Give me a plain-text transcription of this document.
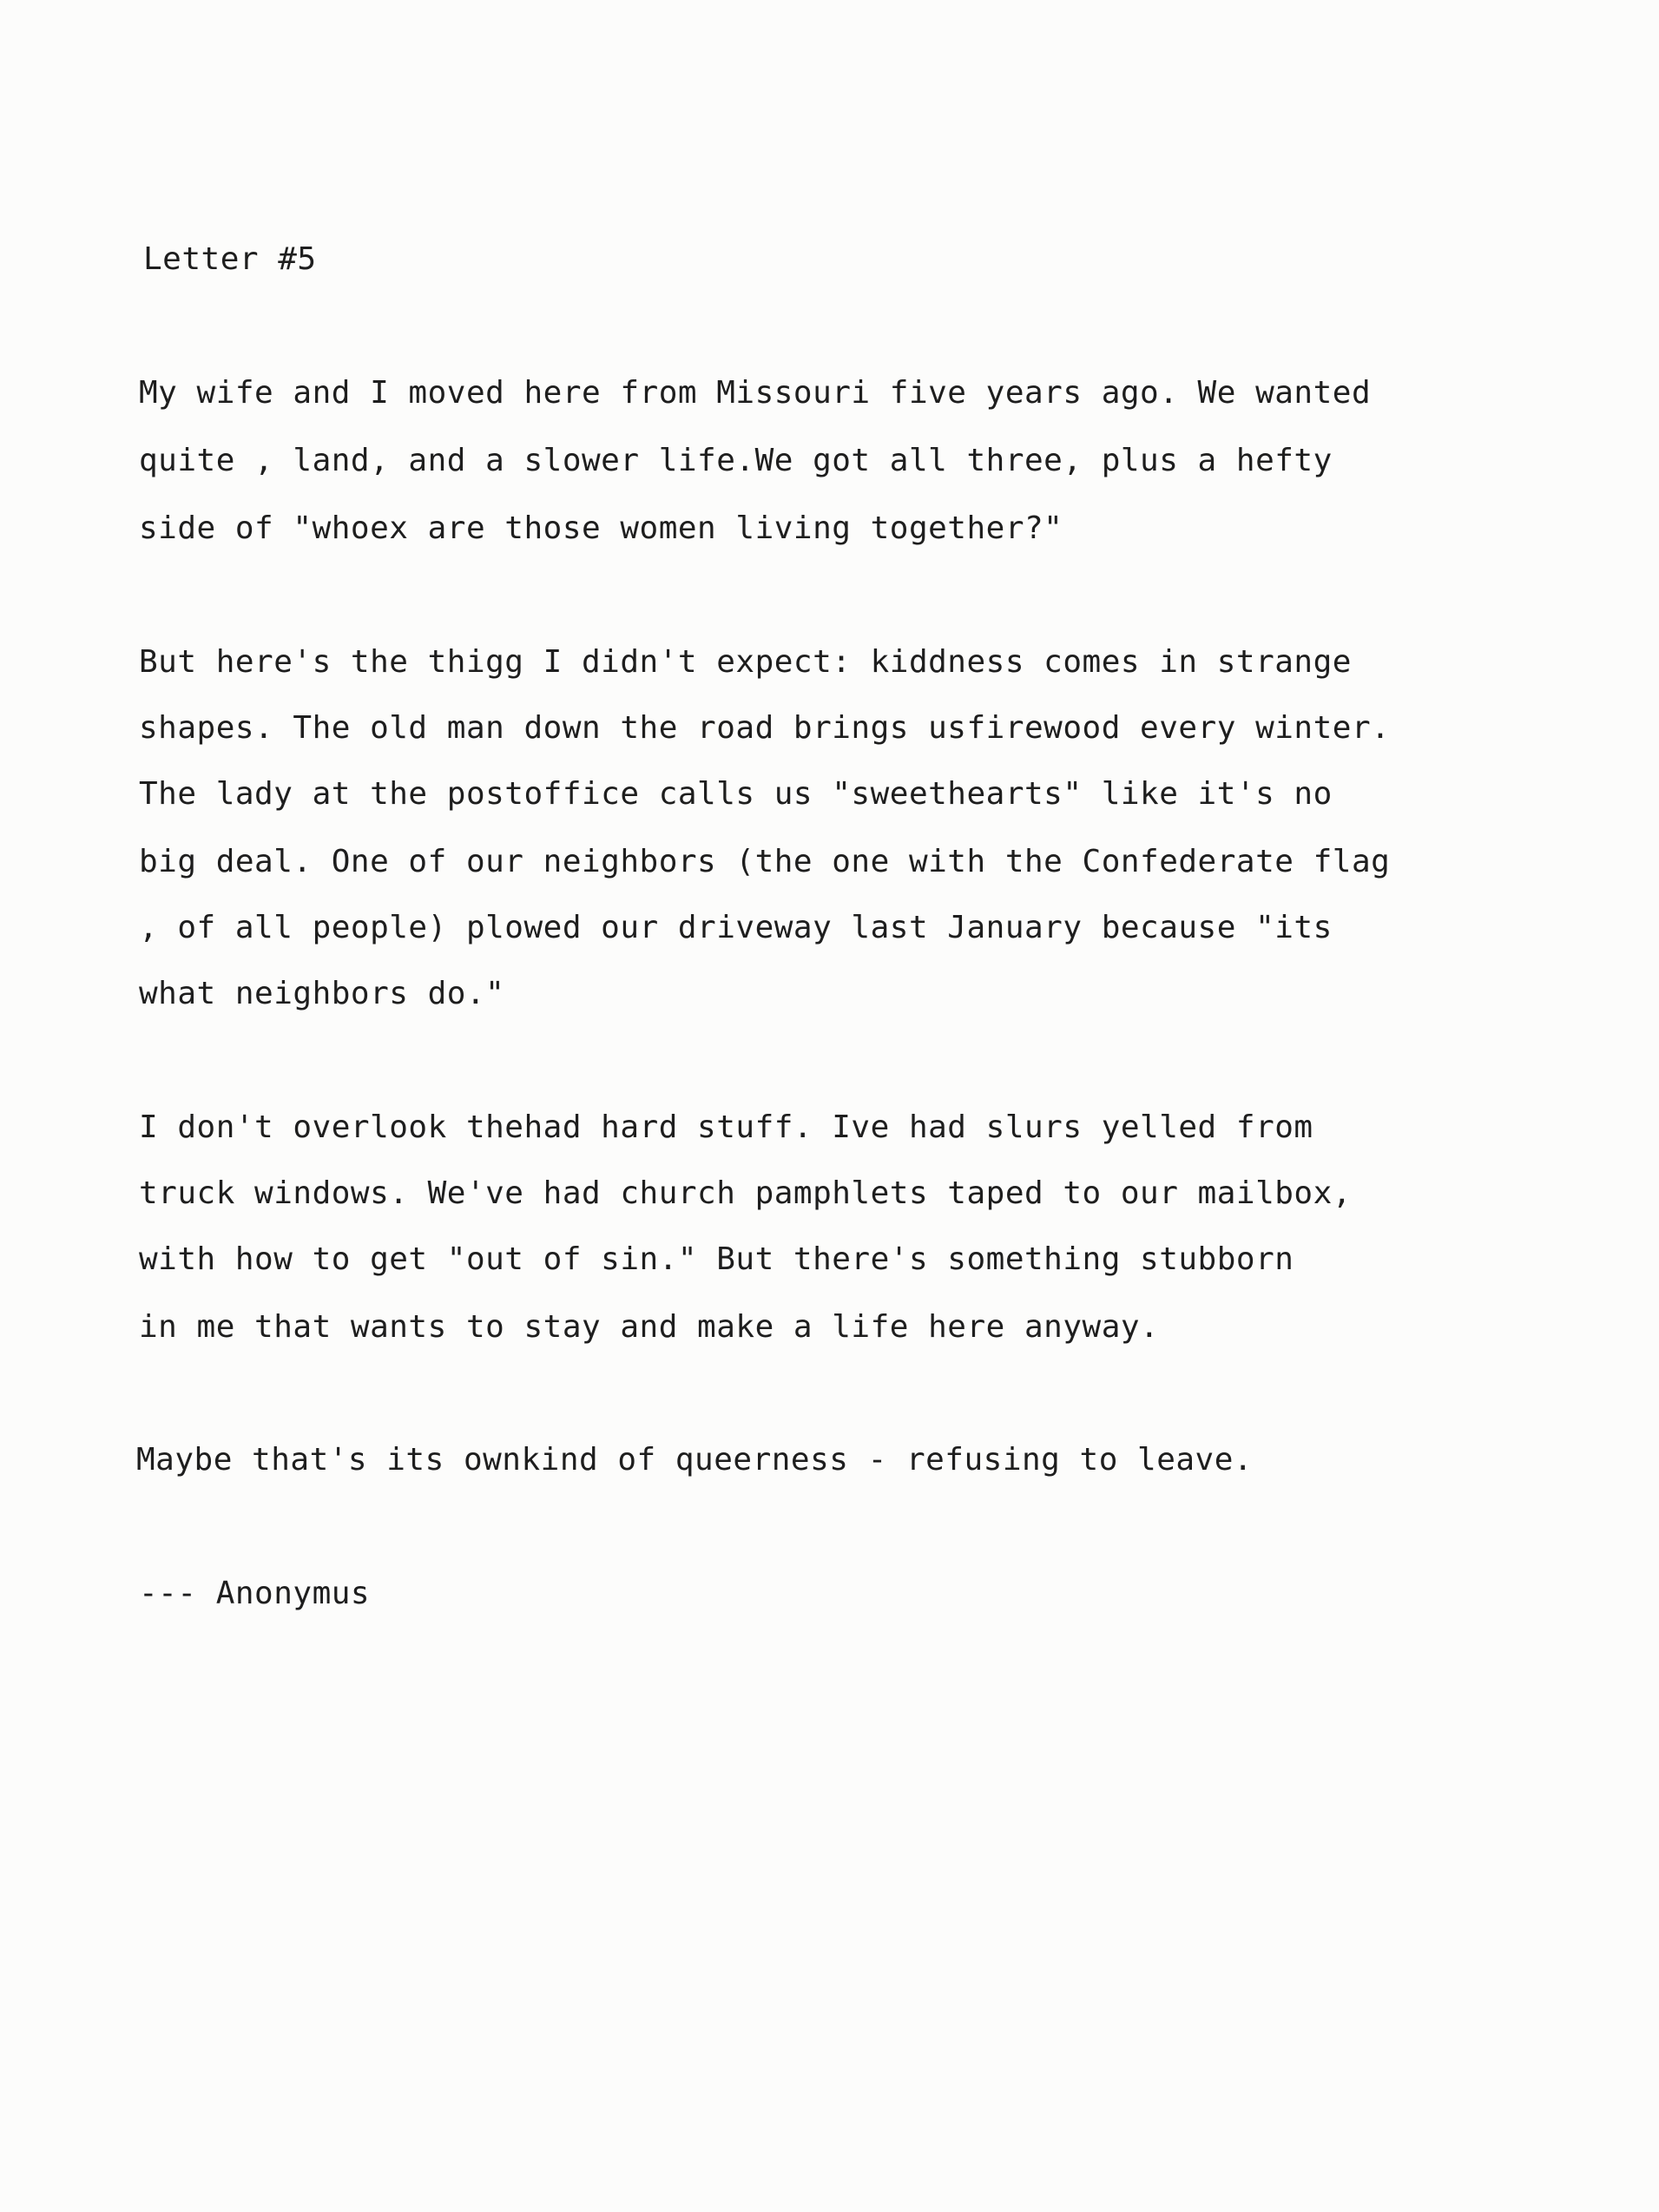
Letter #5
My wife and I moved here from Missouri five years ago. We wanted
quite , land, and a slower life.We got all three, plus a hefty
side of "whoex are those women living together?"
But here's the thigg I didn't expect: kiddness comes in strange
shapes. The old man down the road brings usfirewood every winter.
The lady at the postoffice calls us "sweethearts" like it's no
big deal. One of our neighbors (the one with the Confederate flag
, of all people) plowed our driveway last January because "its
what neighbors do."
I don't overlook thehad hard stuff. Ive had slurs yelled from
truck windows. We've had church pamphlets taped to our mailbox,
with how to get "out of sin." But there's something stubborn
in me that wants to stay and make a life here anyway.
Maybe that's its ownkind of queerness - refusing to leave.
--- Anonymus
